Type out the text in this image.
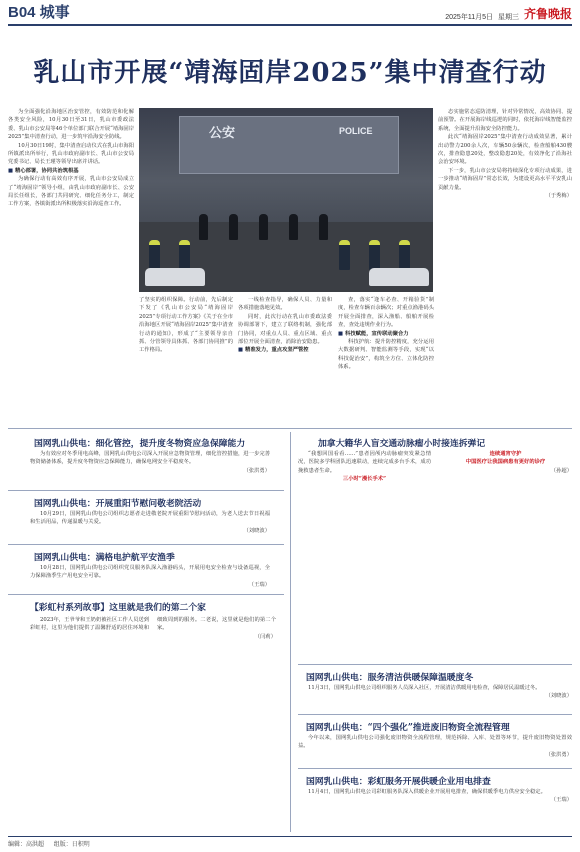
B04 城事	2025年11月5日 星期三 齐鲁晚报
乳山市开展“靖海固岸2025”集中清查行动

为全面强化沿海地区治安管控，有效防范和化解各类安全风险，10月30日至31日，乳山市委政法委、乳山市公安局等46个单位部门联合开展“靖海固岸2025”集中清查行动，进一步筑牢沿海安全防线。

10月30日19时，集中清查启动仪式在乳山市海阳所镇派出所举行，乳山市政府副市长、乳山市公安局党委书记、局长王瑾等领导出席并讲话。

■ 精心部署，协同共治筑根基

为确保行动有高效有序开展，乳山市公安局成立了“靖海固岸”领导小组，由乳山市政府副市长、公安局长任组长，各部门共同研究、细化任务分工，制定工作方案，各镇街派出所积极落实沿海巡查工作。

公安	POLICE

态实施常态巡防清理，针对异常情况，高效协同、提前预警。在开展海岸线巡逻的同时，依托海岸线智能监控系统，全面提升沿海安全防控能力。

此次“靖海固岸2025”集中清查行动成效显著，累计出动警力200余人次，车辆50余辆次，检查船舶430艘次，排查隐患20处，整改隐患20处，有效净化了沿海社会治安环境。

下一步，乳山市公安局将持续深化专项行动成果，进一步推动“靖海固岸”常态长效，为建设更高水平平安乳山贡献力量。

（于秀梅）

了坚实的组织保障。行动前，先后制定下发了《乳山市公安局“靖海固岸2025”专项行动工作方案》《关于在全市沿海地区开展“靖海固岸2025”集中清查行动的通知》，形成了“主要领导亲自抓、分管领导具体抓、各部门协同推”的工作格局。

一线检查指导，确保人员、力量和各项措施落地见效。

同时，此次行动在乳山市委政法委协调部署下，建立了联络机制，强化部门协同，对重点人员、重点区域、重点部位开展全面清查，消除治安隐患。

■ 精准发力，重点攻坚严管控

查，落实“逢车必查、开箱验货”制度，检查车辆百余辆次；对重点渔港码头开展全面排查，深入渔船、船舶开展检查，查处违规作业行为。

■ 科技赋能，宣传联动聚合力

科技护航：提升防控精度，充分运用大数据研判、智能监测等手段，实现“以科技促治安”，构筑全方位、立体化防控体系。

国网乳山供电：细化管控，提升度冬物资应急保障能力

为有效应对冬季用电高峰，国网乳山供电公司深入开展应急物资管理，细化管控措施，进一步完善物资储备体系，提升度冬物资应急保障能力，确保电网安全平稳度冬。

（张洪勇）

国网乳山供电：开展重阳节慰问敬老院活动

10月29日，国网乳山供电公司组织志愿者走进敬老院开展重阳节慰问活动，为老人送去节日祝福和生活用品，传递温暖与关爱。

（刘晓波）

国网乳山供电：满格电护航平安渔季

10月28日，国网乳山供电公司组织党员服务队深入渔港码头，开展用电安全检查与设备巡视，全力保障渔季生产用电安全可靠。

（王瑞）

【彩虹村系列故事】这里就是我们的第二个家

2023年，王爷爷和王奶奶被社区工作人员送到彩虹村，这里为他们提供了温馨舒适的居住环境和细致周到的服务。二老说，这里就是他们的第二个家。

（闫莉）

加拿大籍华人盲交通动脉瘤小时接连拆弹记

“我想回国看看……”患者因颅内动脉瘤突发紧急情况，医院多学科团队迅速联动，连续完成多台手术，成功挽救患者生命。

三小时“漫长手术”

连续通宵守护

中国医疗让我国病患有更好的诊疗

（孙超）

国网乳山供电：服务清洁供暖保障温暖度冬

11月3日，国网乳山供电公司组织服务人员深入社区，开展清洁供暖用电检查，保障居民温暖过冬。

（刘晓波）

国网乳山供电：“四个强化”推进废旧物资全流程管理

今年以来，国网乳山供电公司强化废旧物资全流程管理，规范拆除、入库、处置等环节，提升废旧物资处置效益。

（张洪勇）

国网乳山供电：彩虹服务开展供暖企业用电排查

11月4日，国网乳山供电公司彩虹服务队深入供暖企业开展用电排查，确保供暖季电力供应安全稳定。

（王瑞）

编辑：高洪超 组版：日积明
